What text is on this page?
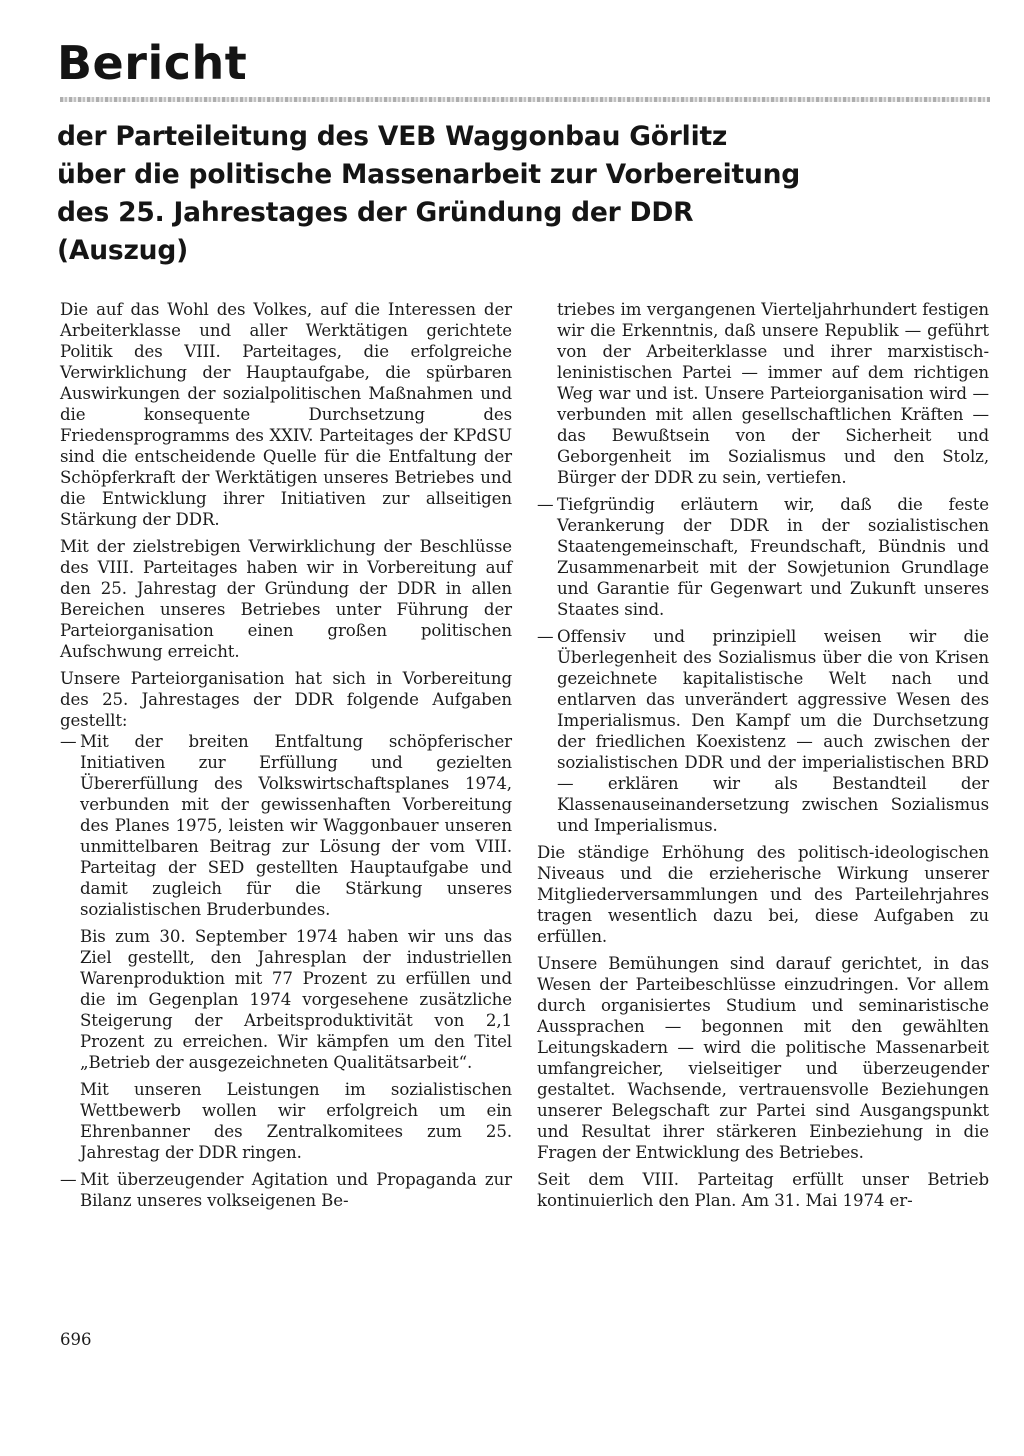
Bericht
der Parteileitung des VEB Waggonbau Görlitz
über die politische Massenarbeit zur Vorbereitung
des 25. Jahrestages der Gründung der DDR
(Auszug)

Die auf das Wohl des Volkes, auf die Interessen der Arbeiterklasse und aller Werktätigen gerichtete Politik des VIII. Parteitages, die erfolgreiche Verwirklichung der Hauptaufgabe, die spürbaren Auswirkungen der sozialpolitischen Maßnahmen und die konsequente Durchsetzung des Friedensprogramms des XXIV. Parteitages der KPdSU sind die entscheidende Quelle für die Entfaltung der Schöpferkraft der Werktätigen unseres Betriebes und die Entwicklung ihrer Initiativen zur allseitigen Stärkung der DDR.

Mit der zielstrebigen Verwirklichung der Beschlüsse des VIII. Parteitages haben wir in Vorbereitung auf den 25. Jahrestag der Gründung der DDR in allen Bereichen unseres Betriebes unter Führung der Parteiorganisation einen großen politischen Aufschwung erreicht.

Unsere Parteiorganisation hat sich in Vorbereitung des 25. Jahrestages der DDR folgende Aufgaben gestellt:

— Mit der breiten Entfaltung schöpferischer Initiativen zur Erfüllung und gezielten Übererfüllung des Volkswirtschaftsplanes 1974, verbunden mit der gewissenhaften Vorbereitung des Planes 1975, leisten wir Waggonbauer unseren unmittelbaren Beitrag zur Lösung der vom VIII. Parteitag der SED gestellten Hauptaufgabe und damit zugleich für die Stärkung unseres sozialistischen Bruderbundes.

Bis zum 30. September 1974 haben wir uns das Ziel gestellt, den Jahresplan der industriellen Warenproduktion mit 77 Prozent zu erfüllen und die im Gegenplan 1974 vorgesehene zusätzliche Steigerung der Arbeitsproduktivität von 2,1 Prozent zu erreichen. Wir kämpfen um den Titel „Betrieb der ausgezeichneten Qualitätsarbeit“.

Mit unseren Leistungen im sozialistischen Wettbewerb wollen wir erfolgreich um ein Ehrenbanner des Zentralkomitees zum 25. Jahrestag der DDR ringen.

— Mit überzeugender Agitation und Propaganda zur Bilanz unseres volkseigenen Be-

triebes im vergangenen Vierteljahrhundert festigen wir die Erkenntnis, daß unsere Republik — geführt von der Arbeiterklasse und ihrer marxistisch-leninistischen Partei — immer auf dem richtigen Weg war und ist. Unsere Parteiorganisation wird — verbunden mit allen gesellschaftlichen Kräften — das Bewußtsein von der Sicherheit und Geborgenheit im Sozialismus und den Stolz, Bürger der DDR zu sein, vertiefen.

— Tiefgründig erläutern wir, daß die feste Verankerung der DDR in der sozialistischen Staatengemeinschaft, Freundschaft, Bündnis und Zusammenarbeit mit der Sowjetunion Grundlage und Garantie für Gegenwart und Zukunft unseres Staates sind.

— Offensiv und prinzipiell weisen wir die Überlegenheit des Sozialismus über die von Krisen gezeichnete kapitalistische Welt nach und entlarven das unverändert aggressive Wesen des Imperialismus. Den Kampf um die Durchsetzung der friedlichen Koexistenz — auch zwischen der sozialistischen DDR und der imperialistischen BRD — erklären wir als Bestandteil der Klassenauseinandersetzung zwischen Sozialismus und Imperialismus.

Die ständige Erhöhung des politisch-ideologischen Niveaus und die erzieherische Wirkung unserer Mitgliederversammlungen und des Parteilehrjahres tragen wesentlich dazu bei, diese Aufgaben zu erfüllen.

Unsere Bemühungen sind darauf gerichtet, in das Wesen der Parteibeschlüsse einzudringen. Vor allem durch organisiertes Studium und seminaristische Aussprachen — begonnen mit den gewählten Leitungskadern — wird die politische Massenarbeit umfangreicher, vielseitiger und überzeugender gestaltet. Wachsende, vertrauensvolle Beziehungen unserer Belegschaft zur Partei sind Ausgangspunkt und Resultat ihrer stärkeren Einbeziehung in die Fragen der Entwicklung des Betriebes.

Seit dem VIII. Parteitag erfüllt unser Betrieb kontinuierlich den Plan. Am 31. Mai 1974 er-

696
